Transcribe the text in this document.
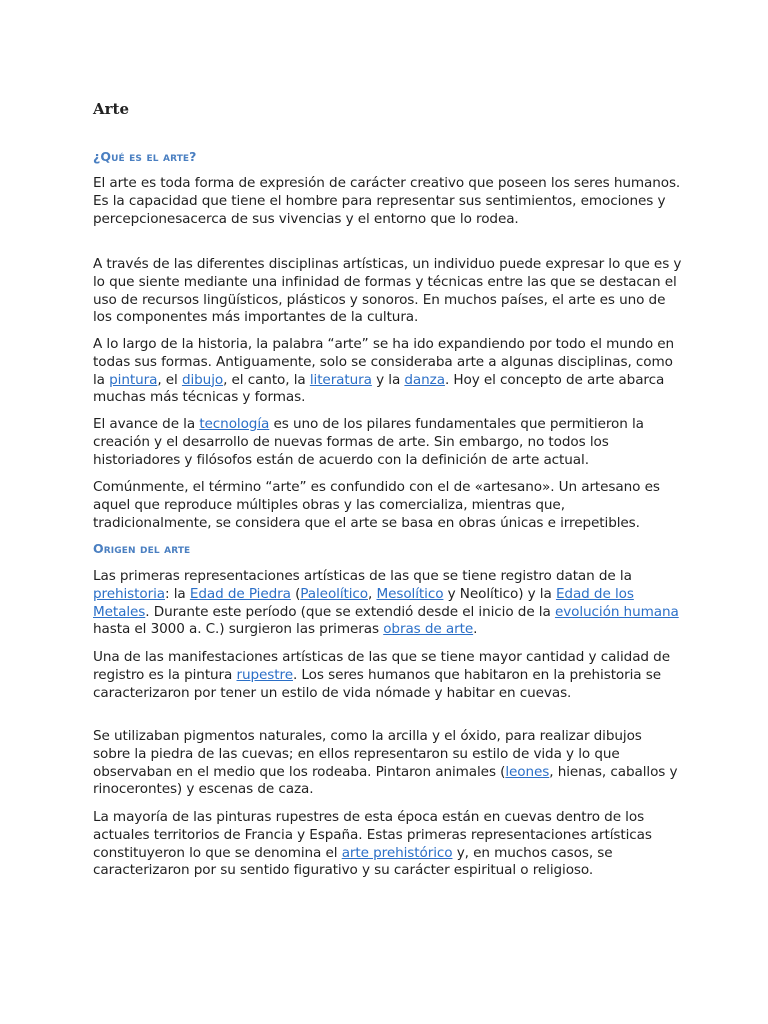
Arte
¿Qué es el arte?

El arte es toda forma de expresión de carácter creativo que poseen los seres humanos. Es la capacidad que tiene el hombre para representar sus sentimientos, emociones y percepcionesacerca de sus vivencias y el entorno que lo rodea.

A través de las diferentes disciplinas artísticas, un individuo puede expresar lo que es y lo que siente mediante una infinidad de formas y técnicas entre las que se destacan el uso de recursos lingüísticos, plásticos y sonoros. En muchos países, el arte es uno de los componentes más importantes de la cultura.

A lo largo de la historia, la palabra “arte” se ha ido expandiendo por todo el mundo en todas sus formas. Antiguamente, solo se consideraba arte a algunas disciplinas, como la pintura, el dibujo, el canto, la literatura y la danza. Hoy el concepto de arte abarca muchas más técnicas y formas.

El avance de la tecnología es uno de los pilares fundamentales que permitieron la creación y el desarrollo de nuevas formas de arte. Sin embargo, no todos los historiadores y filósofos están de acuerdo con la definición de arte actual.

Comúnmente, el término “arte” es confundido con el de «artesano». Un artesano es aquel que reproduce múltiples obras y las comercializa, mientras que, tradicionalmente, se considera que el arte se basa en obras únicas e irrepetibles.

Origen del arte

Las primeras representaciones artísticas de las que se tiene registro datan de la prehistoria: la Edad de Piedra (Paleolítico, Mesolítico y Neolítico) y la Edad de los Metales. Durante este período (que se extendió desde el inicio de la evolución humana hasta el 3000 a. C.) surgieron las primeras obras de arte.

Una de las manifestaciones artísticas de las que se tiene mayor cantidad y calidad de registro es la pintura rupestre. Los seres humanos que habitaron en la prehistoria se caracterizaron por tener un estilo de vida nómade y habitar en cuevas.

Se utilizaban pigmentos naturales, como la arcilla y el óxido, para realizar dibujos sobre la piedra de las cuevas; en ellos representaron su estilo de vida y lo que observaban en el medio que los rodeaba. Pintaron animales (leones, hienas, caballos y rinocerontes) y escenas de caza.

La mayoría de las pinturas rupestres de esta época están en cuevas dentro de los actuales territorios de Francia y España. Estas primeras representaciones artísticas constituyeron lo que se denomina el arte prehistórico y, en muchos casos, se caracterizaron por su sentido figurativo y su carácter espiritual o religioso.
